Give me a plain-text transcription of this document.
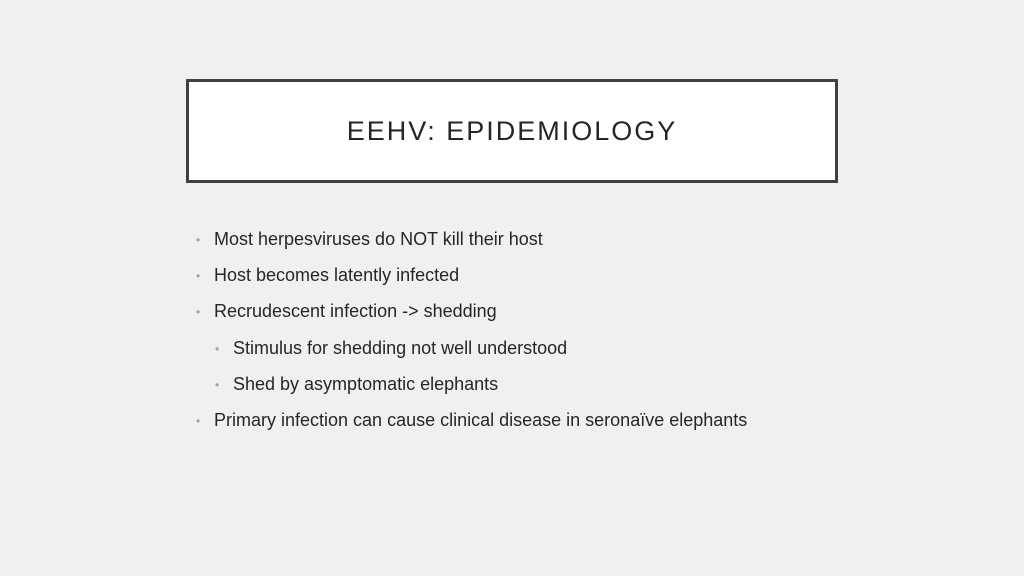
EEHV: EPIDEMIOLOGY
• Most herpesviruses do NOT kill their host
• Host becomes latently infected
• Recrudescent infection -> shedding
• Stimulus for shedding not well understood
• Shed by asymptomatic elephants
• Primary infection can cause clinical disease in seronaïve elephants
